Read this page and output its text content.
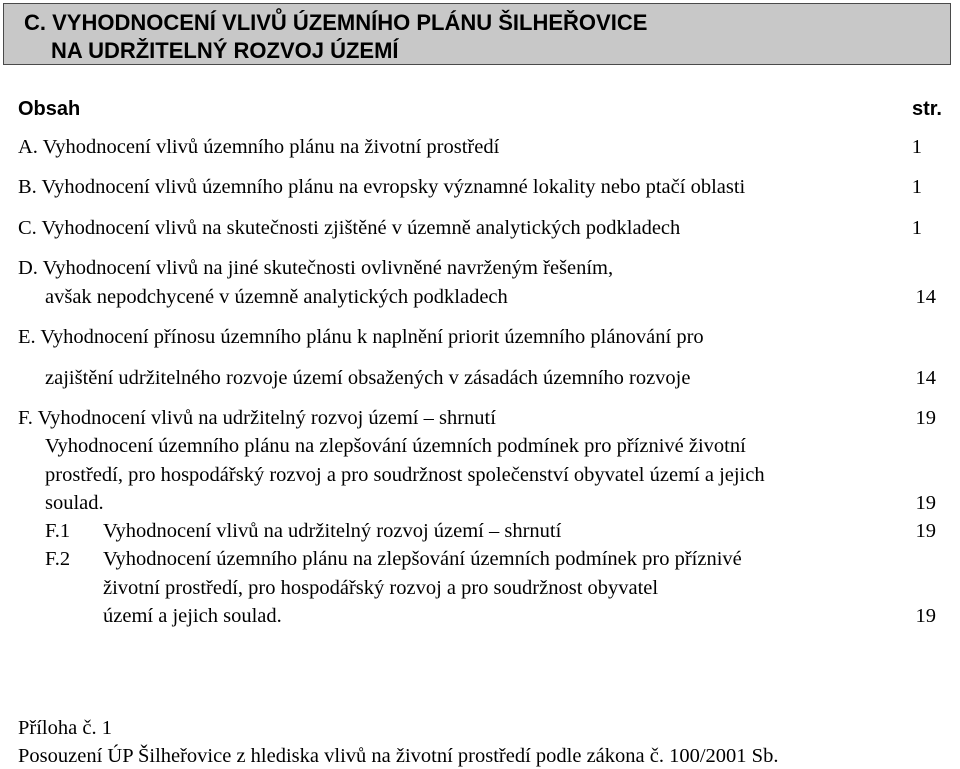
C. VYHODNOCENÍ VLIVŮ ÚZEMNÍHO PLÁNU ŠILHEŘOVICE
NA UDRŽITELNÝ ROZVOJ ÚZEMÍ
Obsah	str.
A. Vyhodnocení vlivů územního plánu na životní prostředí	1
B. Vyhodnocení vlivů územního plánu na evropsky významné lokality nebo ptačí oblasti	1
C. Vyhodnocení vlivů na skutečnosti zjištěné v územně analytických podkladech	1
D. Vyhodnocení vlivů na jiné skutečnosti ovlivněné navrženým řešením,
avšak nepodchycené v územně analytických podkladech	14
E. Vyhodnocení přínosu územního plánu k naplnění priorit územního plánování pro
zajištění udržitelného rozvoje území obsažených v zásadách územního rozvoje	14
F. Vyhodnocení vlivů na udržitelný rozvoj území – shrnutí	19
Vyhodnocení územního plánu na zlepšování územních podmínek pro příznivé životní
prostředí, pro hospodářský rozvoj a pro soudržnost společenství obyvatel území a jejich
soulad.	19
F.1 Vyhodnocení vlivů na udržitelný rozvoj území – shrnutí	19
F.2 Vyhodnocení územního plánu na zlepšování územních podmínek pro příznivé
životní prostředí, pro hospodářský rozvoj a pro soudržnost obyvatel
území a jejich soulad.	19
Příloha č. 1
Posouzení ÚP Šilheřovice z hlediska vlivů na životní prostředí podle zákona č. 100/2001 Sb.
